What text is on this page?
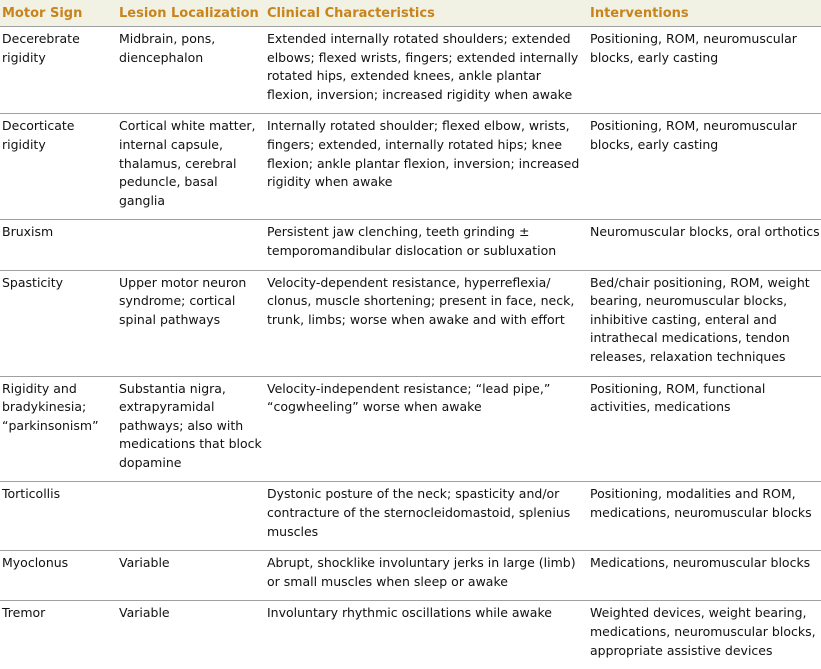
Motor Sign	Lesion Localization	Clinical Characteristics	Interventions
Decerebrate rigidity	Midbrain, pons, diencephalon	Extended internally rotated shoulders; extended elbows; flexed wrists, fingers; extended internally rotated hips, extended knees, ankle plantar flexion, inversion; increased rigidity when awake	Positioning, ROM, neuromuscular blocks, early casting
Decorticate rigidity	Cortical white matter, internal capsule, thalamus, cerebral peduncle, basal ganglia	Internally rotated shoulder; flexed elbow, wrists, fingers; extended, internally rotated hips; knee flexion; ankle plantar flexion, inversion; increased rigidity when awake	Positioning, ROM, neuromuscular blocks, early casting
Bruxism		Persistent jaw clenching, teeth grinding ± temporomandibular dislocation or subluxation	Neuromuscular blocks, oral orthotics
Spasticity	Upper motor neuron syndrome; cortical spinal pathways	Velocity-dependent resistance, hyperreflexia/ clonus, muscle shortening; present in face, neck, trunk, limbs; worse when awake and with effort	Bed/chair positioning, ROM, weight bearing, neuromuscular blocks, inhibitive casting, enteral and intrathecal medications, tendon releases, relaxation techniques
Rigidity and bradykinesia; “parkinsonism”	Substantia nigra, extrapyramidal pathways; also with medications that block dopamine	Velocity-independent resistance; “lead pipe,” “cogwheeling” worse when awake	Positioning, ROM, functional activities, medications
Torticollis		Dystonic posture of the neck; spasticity and/or contracture of the sternocleidomastoid, splenius muscles	Positioning, modalities and ROM, medications, neuromuscular blocks
Myoclonus	Variable	Abrupt, shocklike involuntary jerks in large (limb) or small muscles when sleep or awake	Medications, neuromuscular blocks
Tremor	Variable	Involuntary rhythmic oscillations while awake	Weighted devices, weight bearing, medications, neuromuscular blocks, appropriate assistive devices
